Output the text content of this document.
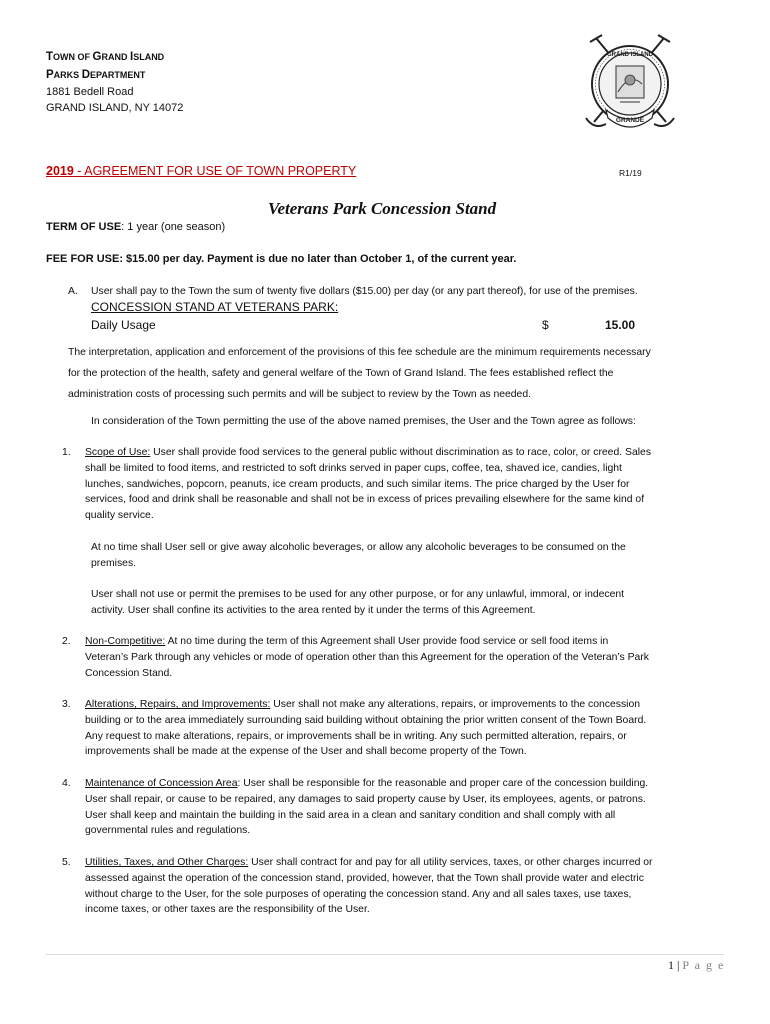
TOWN OF GRAND ISLAND
PARKS DEPARTMENT
1881 Bedell Road
GRAND ISLAND, NY 14072
GRAND ISLAND
GRANDE
2019 - AGREEMENT FOR USE OF TOWN PROPERTY	R1/19
Veterans Park Concession Stand
TERM OF USE: 1 year (one season)
FEE FOR USE: $15.00 per day. Payment is due no later than October 1, of the current year.
A. User shall pay to the Town the sum of twenty five dollars ($15.00) per day (or any part thereof), for use of the premises.
CONCESSION STAND AT VETERANS PARK:
Daily Usage	$	15.00
The interpretation, application and enforcement of the provisions of this fee schedule are the minimum requirements necessary
for the protection of the health, safety and general welfare of the Town of Grand Island. The fees established reflect the
administration costs of processing such permits and will be subject to review by the Town as needed.
In consideration of the Town permitting the use of the above named premises, the User and the Town agree as follows:
1. Scope of Use: User shall provide food services to the general public without discrimination as to race, color, or creed. Sales
shall be limited to food items, and restricted to soft drinks served in paper cups, coffee, tea, shaved ice, candies, light
lunches, sandwiches, popcorn, peanuts, ice cream products, and such similar items. The price charged by the User for
services, food and drink shall be reasonable and shall not be in excess of prices prevailing elsewhere for the same kind of
quality service.
At no time shall User sell or give away alcoholic beverages, or allow any alcoholic beverages to be consumed on the
premises.
User shall not use or permit the premises to be used for any other purpose, or for any unlawful, immoral, or indecent
activity. User shall confine its activities to the area rented by it under the terms of this Agreement.
2. Non-Competitive: At no time during the term of this Agreement shall User provide food service or sell food items in
Veteran’s Park through any vehicles or mode of operation other than this Agreement for the operation of the Veteran’s Park
Concession Stand.
3. Alterations, Repairs, and Improvements: User shall not make any alterations, repairs, or improvements to the concession
building or to the area immediately surrounding said building without obtaining the prior written consent of the Town Board.
Any request to make alterations, repairs, or improvements shall be in writing. Any such permitted alteration, repairs, or
improvements shall be made at the expense of the User and shall become property of the Town.
4. Maintenance of Concession Area: User shall be responsible for the reasonable and proper care of the concession building.
User shall repair, or cause to be repaired, any damages to said property cause by User, its employees, agents, or patrons.
User shall keep and maintain the building in the said area in a clean and sanitary condition and shall comply with all
governmental rules and regulations.
5. Utilities, Taxes, and Other Charges: User shall contract for and pay for all utility services, taxes, or other charges incurred or
assessed against the operation of the concession stand, provided, however, that the Town shall provide water and electric
without charge to the User, for the sole purposes of operating the concession stand. Any and all sales taxes, use taxes,
income taxes, or other taxes are the responsibility of the User.
1 | P a g e
